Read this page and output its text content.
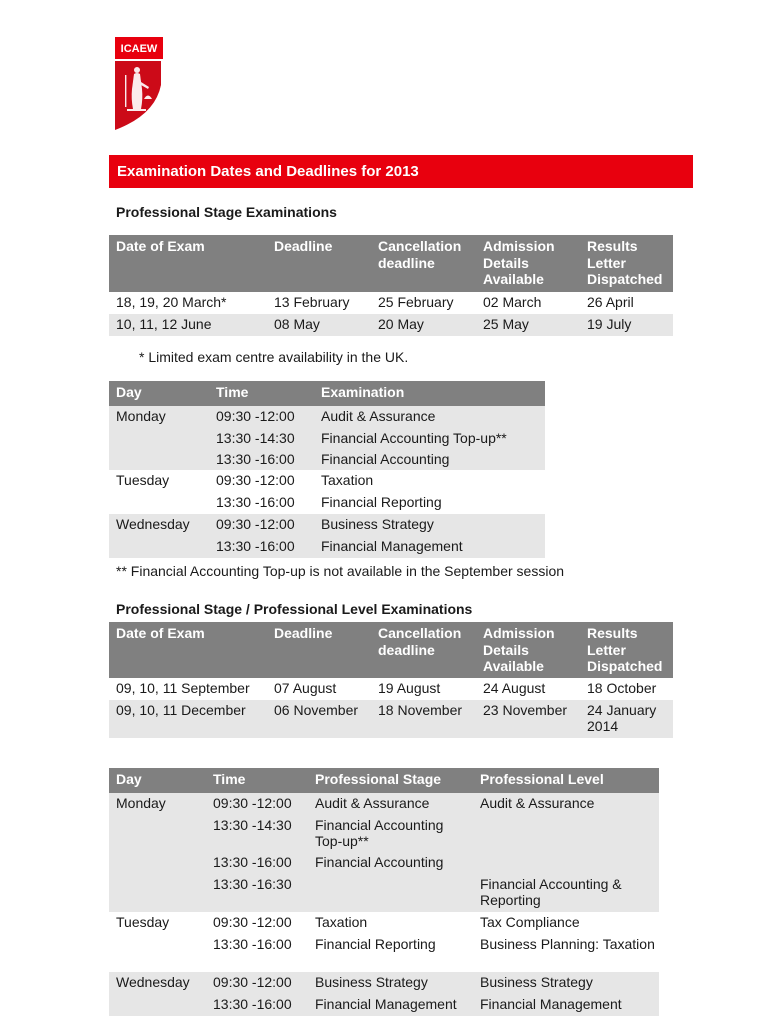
ICAEW
Examination Dates and Deadlines for 2013
Professional Stage Examinations
Date of Exam	Deadline	Cancellation deadline	Admission Details Available	Results Letter Dispatched
18, 19, 20 March*	13 February	25 February	02 March	26 April
10, 11, 12 June	08 May	20 May	25 May	19 July
* Limited exam centre availability in the UK.
Day	Time	Examination
Monday	09:30 -12:00	Audit & Assurance
	13:30 -14:30	Financial Accounting Top-up**
	13:30 -16:00	Financial Accounting
Tuesday	09:30 -12:00	Taxation
	13:30 -16:00	Financial Reporting
Wednesday	09:30 -12:00	Business Strategy
	13:30 -16:00	Financial Management
** Financial Accounting Top-up is not available in the September session
Professional Stage / Professional Level Examinations
Date of Exam	Deadline	Cancellation deadline	Admission Details Available	Results Letter Dispatched
09, 10, 11 September	07 August	19 August	24 August	18 October
09, 10, 11 December	06 November	18 November	23 November	24 January 2014
Day	Time	Professional Stage	Professional Level
Monday	09:30 -12:00	Audit & Assurance	Audit & Assurance
	13:30 -14:30	Financial Accounting Top-up**	
	13:30 -16:00	Financial Accounting	
	13:30 -16:30		Financial Accounting & Reporting
Tuesday	09:30 -12:00	Taxation	Tax Compliance
	13:30 -16:00	Financial Reporting	Business Planning: Taxation
Wednesday	09:30 -12:00	Business Strategy	Business Strategy
	13:30 -16:00	Financial Management	Financial Management
